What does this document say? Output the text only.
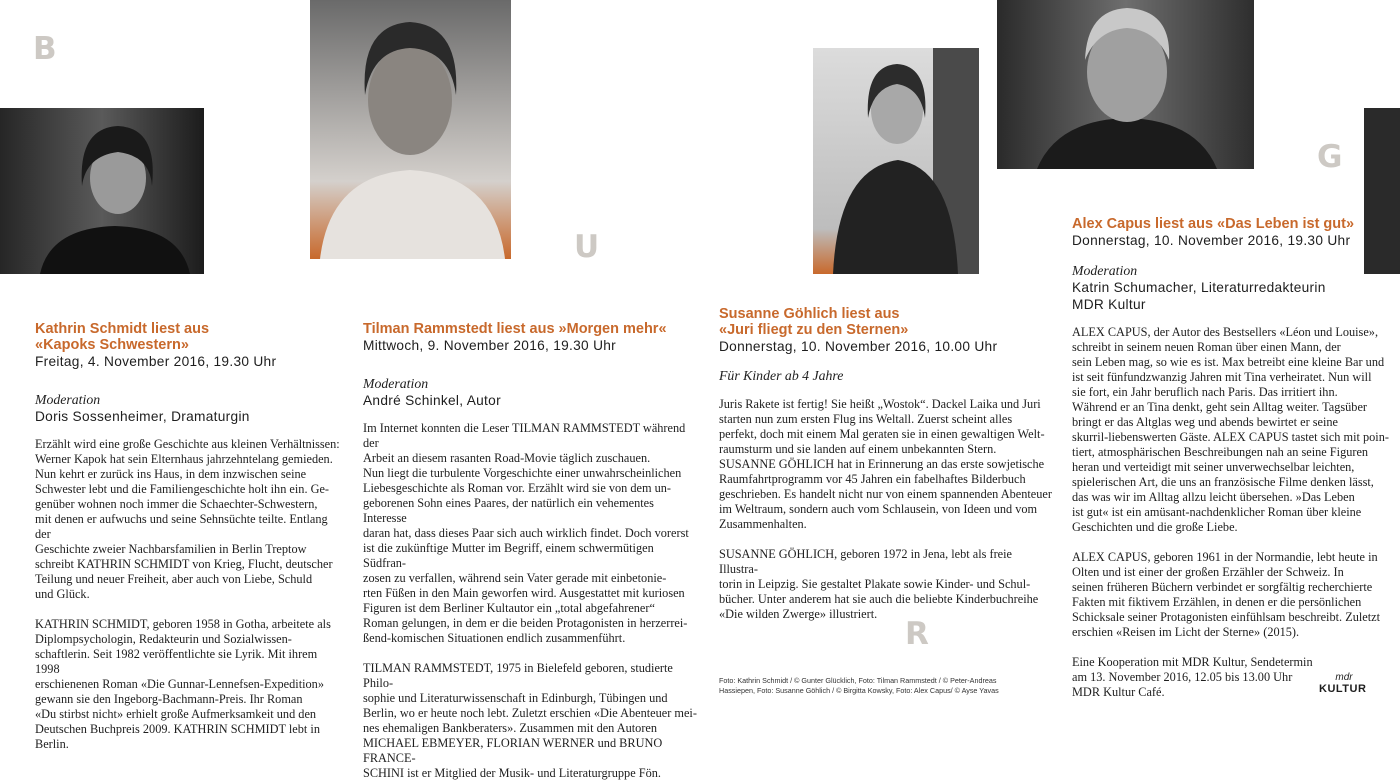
B
U
R
G

Kathrin Schmidt liest aus

«Kapoks Schwestern»

Freitag, 4. November 2016, 19.30 Uhr

Moderation

Doris Sossenheimer, Dramaturgin

Erzählt wird eine große Geschichte aus kleinen Verhältnissen:

Werner Kapok hat sein Elternhaus jahrzehntelang gemieden.

Nun kehrt er zurück ins Haus, in dem inzwischen seine

Schwester lebt und die Familiengeschichte holt ihn ein. Ge-

genüber wohnen noch immer die Schaechter-Schwestern,

mit denen er aufwuchs und seine Sehnsüchte teilte. Entlang der

Geschichte zweier Nachbarsfamilien in Berlin Treptow

schreibt KATHRIN SCHMIDT von Krieg, Flucht, deutscher

Teilung und neuer Freiheit, aber auch von Liebe, Schuld

und Glück.

KATHRIN SCHMIDT, geboren 1958 in Gotha, arbeitete als

Diplompsychologin, Redakteurin und Sozialwissen-

schaftlerin. Seit 1982 veröffentlichte sie Lyrik. Mit ihrem 1998

erschienenen Roman «Die Gunnar-Lennefsen-Expedition»

gewann sie den Ingeborg-Bachmann-Preis. Ihr Roman

«Du stirbst nicht» erhielt große Aufmerksamkeit und den

Deutschen Buchpreis 2009. KATHRIN SCHMIDT lebt in Berlin.

Tilman Rammstedt liest aus »Morgen mehr«

Mittwoch, 9. November 2016, 19.30 Uhr

Moderation

André Schinkel, Autor

Im Internet konnten die Leser TILMAN RAMMSTEDT während der

Arbeit an diesem rasanten Road-Movie täglich zuschauen.

Nun liegt die turbulente Vorgeschichte einer unwahrscheinlichen

Liebesgeschichte als Roman vor. Erzählt wird sie von dem un-

geborenen Sohn eines Paares, der natürlich ein vehementes Interesse

daran hat, dass dieses Paar sich auch wirklich findet. Doch vorerst

ist die zukünftige Mutter im Begriff, einem schwermütigen Südfran-

zosen zu verfallen, während sein Vater gerade mit einbetonie-

rten Füßen in den Main geworfen wird. Ausgestattet mit kuriosen

Figuren ist dem Berliner Kultautor ein „total abgefahrener“

Roman gelungen, in dem er die beiden Protagonisten in herzerrei-

ßend-komischen Situationen endlich zusammenführt.

TILMAN RAMMSTEDT, 1975 in Bielefeld geboren, studierte Philo-

sophie und Literaturwissenschaft in Edinburgh, Tübingen und

Berlin, wo er heute noch lebt. Zuletzt erschien «Die Abenteuer mei-

nes ehemaligen Bankberaters». Zusammen mit den Autoren

MICHAEL EBMEYER, FLORIAN WERNER und BRUNO FRANCE-

SCHINI ist er Mitglied der Musik- und Literaturgruppe Fön.

Susanne Göhlich liest aus

«Juri fliegt zu den Sternen»

Donnerstag, 10. November 2016, 10.00 Uhr

Für Kinder ab 4 Jahre

Juris Rakete ist fertig! Sie heißt „Wostok“. Dackel Laika und Juri

starten nun zum ersten Flug ins Weltall. Zuerst scheint alles

perfekt, doch mit einem Mal geraten sie in einen gewaltigen Welt-

raumsturm und sie landen auf einem unbekannten Stern.

SUSANNE GÖHLICH hat in Erinnerung an das erste sowjetische

Raumfahrtprogramm vor 45 Jahren ein fabelhaftes Bilderbuch

geschrieben. Es handelt nicht nur von einem spannenden Abenteuer

im Weltraum, sondern auch vom Schlausein, von Ideen und vom

Zusammenhalten.

SUSANNE GÖHLICH, geboren 1972 in Jena, lebt als freie Illustra-

torin in Leipzig. Sie gestaltet Plakate sowie Kinder- und Schul-

bücher. Unter anderem hat sie auch die beliebte Kinderbuchreihe

«Die wilden Zwerge» illustriert.

Foto: Kathrin Schmidt / © Gunter Glücklich, Foto: Tilman Rammstedt / © Peter-Andreas
Hassiepen, Foto: Susanne Göhlich / © Birgitta Kowsky, Foto: Alex Capus/ © Ayse Yavas

Alex Capus liest aus «Das Leben ist gut»

Donnerstag, 10. November 2016, 19.30 Uhr

Moderation

Katrin Schumacher, Literaturredakteurin

MDR Kultur

ALEX CAPUS, der Autor des Bestsellers «Léon und Louise»,

schreibt in seinem neuen Roman über einen Mann, der

sein Leben mag, so wie es ist. Max betreibt eine kleine Bar und

ist seit fünfundzwanzig Jahren mit Tina verheiratet. Nun will

sie fort, ein Jahr beruflich nach Paris. Das irritiert ihn.

Während er an Tina denkt, geht sein Alltag weiter. Tagsüber

bringt er das Altglas weg und abends bewirtet er seine

skurril-liebenswerten Gäste. ALEX CAPUS tastet sich mit poin-

tiert, atmosphärischen Beschreibungen nah an seine Figuren

heran und verteidigt mit seiner unverwechselbar leichten,

spielerischen Art, die uns an französische Filme denken lässt,

das was wir im Alltag allzu leicht übersehen. »Das Leben

ist gut« ist ein amüsant-nachdenklicher Roman über kleine

Geschichten und die große Liebe.

ALEX CAPUS, geboren 1961 in der Normandie, lebt heute in

Olten und ist einer der großen Erzähler der Schweiz. In

seinen früheren Büchern verbindet er sorgfältig recherchierte

Fakten mit fiktivem Erzählen, in denen er die persönlichen

Schicksale seiner Protagonisten einfühlsam beschreibt. Zuletzt

erschien «Reisen im Licht der Sterne» (2015).

Eine Kooperation mit MDR Kultur, Sendetermin

am 13. November 2016, 12.05 bis 13.00 Uhr

MDR Kultur Café.

mdr
KULTUR
